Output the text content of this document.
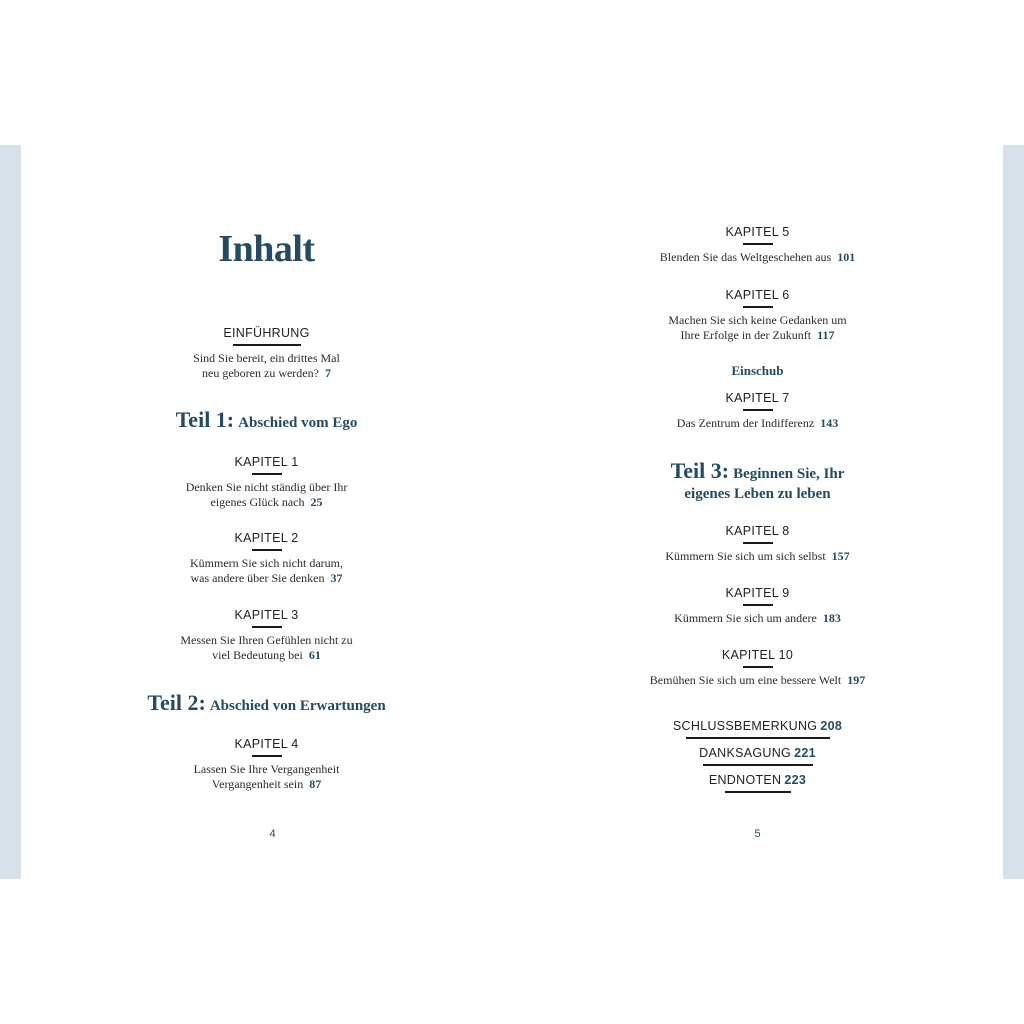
Inhalt
EINFÜHRUNG
Sind Sie bereit, ein drittes Mal
neu geboren zu werden? 7
Teil 1: Abschied vom Ego
KAPITEL 1
Denken Sie nicht ständig über Ihr
eigenes Glück nach 25
KAPITEL 2
Kümmern Sie sich nicht darum,
was andere über Sie denken 37
KAPITEL 3
Messen Sie Ihren Gefühlen nicht zu
viel Bedeutung bei 61
Teil 2: Abschied von Erwartungen
KAPITEL 4
Lassen Sie Ihre Vergangenheit
Vergangenheit sein 87
4
KAPITEL 5
Blenden Sie das Weltgeschehen aus 101
KAPITEL 6
Machen Sie sich keine Gedanken um
Ihre Erfolge in der Zukunft 117
Einschub
KAPITEL 7
Das Zentrum der Indifferenz 143
Teil 3: Beginnen Sie, Ihr
eigenes Leben zu leben
KAPITEL 8
Kümmern Sie sich um sich selbst 157
KAPITEL 9
Kümmern Sie sich um andere 183
KAPITEL 10
Bemühen Sie sich um eine bessere Welt 197
SCHLUSSBEMERKUNG 208
DANKSAGUNG 221
ENDNOTEN 223
5
